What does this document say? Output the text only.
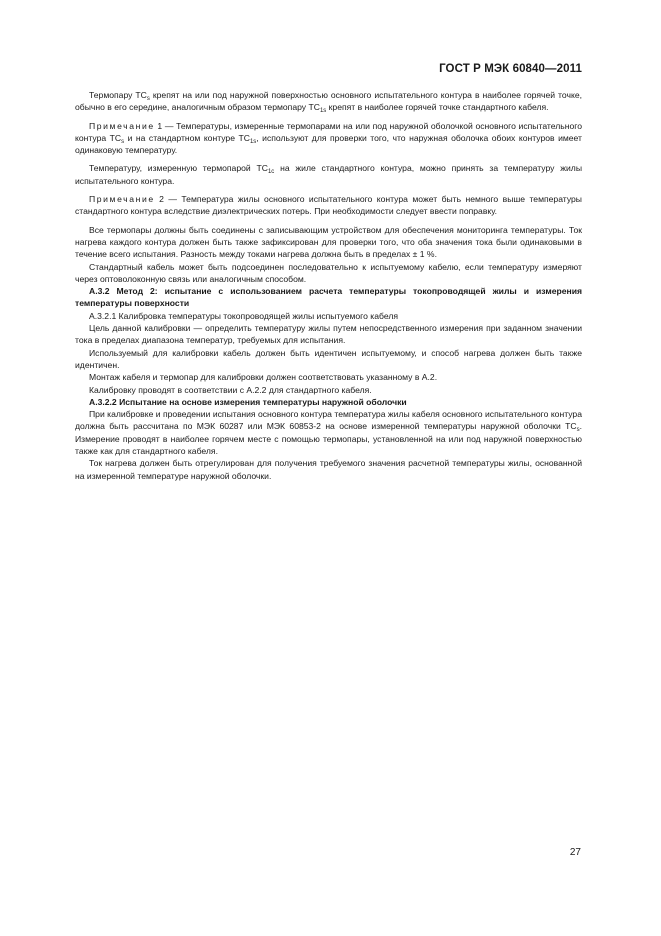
ГОСТ Р МЭК 60840—2011

Термопару $TC_s$ крепят на или под наружной поверхностью основного испытательного контура в наиболее горячей точке, обычно в его середине, аналогичным образом термопару $TC_{1s}$ крепят в наиболее горячей точке стандартного кабеля.

Примечание 1 — Температуры, измеренные термопарами на или под наружной оболочкой основного испытательного контура $TC_s$ и на стандартном контуре $TC_{1s}$, используют для проверки того, что наружная оболочка обоих контуров имеет одинаковую температуру.

Температуру, измеренную термопарой $TC_{1c}$ на жиле стандартного контура, можно принять за температуру жилы испытательного контура.

Примечание 2 — Температура жилы основного испытательного контура может быть немного выше температуры стандартного контура вследствие диэлектрических потерь. При необходимости следует ввести поправку.

Все термопары должны быть соединены с записывающим устройством для обеспечения мониторинга температуры. Ток нагрева каждого контура должен быть также зафиксирован для проверки того, что оба значения тока были одинаковыми в течение всего испытания. Разность между токами нагрева должна быть в пределах ± 1 %.

Стандартный кабель может быть подсоединен последовательно к испытуемому кабелю, если температуру измеряют через оптоволоконную связь или аналогичным способом.

А.3.2 Метод 2: испытание с использованием расчета температуры токопроводящей жилы и измерения температуры поверхности

А.3.2.1 Калибровка температуры токопроводящей жилы испытуемого кабеля

Цель данной калибровки — определить температуру жилы путем непосредственного измерения при заданном значении тока в пределах диапазона температур, требуемых для испытания.

Используемый для калибровки кабель должен быть идентичен испытуемому, и способ нагрева должен быть также идентичен.

Монтаж кабеля и термопар для калибровки должен соответствовать указанному в А.2.

Калибровку проводят в соответствии с А.2.2 для стандартного кабеля.

А.3.2.2 Испытание на основе измерения температуры наружной оболочки

При калибровке и проведении испытания основного контура температура жилы кабеля основного испытательного контура должна быть рассчитана по МЭК 60287 или МЭК 60853-2 на основе измеренной температуры наружной оболочки $TC_s$. Измерение проводят в наиболее горячем месте с помощью термопары, установленной на или под наружной поверхностью также как для стандартного кабеля.

Ток нагрева должен быть отрегулирован для получения требуемого значения расчетной температуры жилы, основанной на измеренной температуре наружной оболочки.

27
